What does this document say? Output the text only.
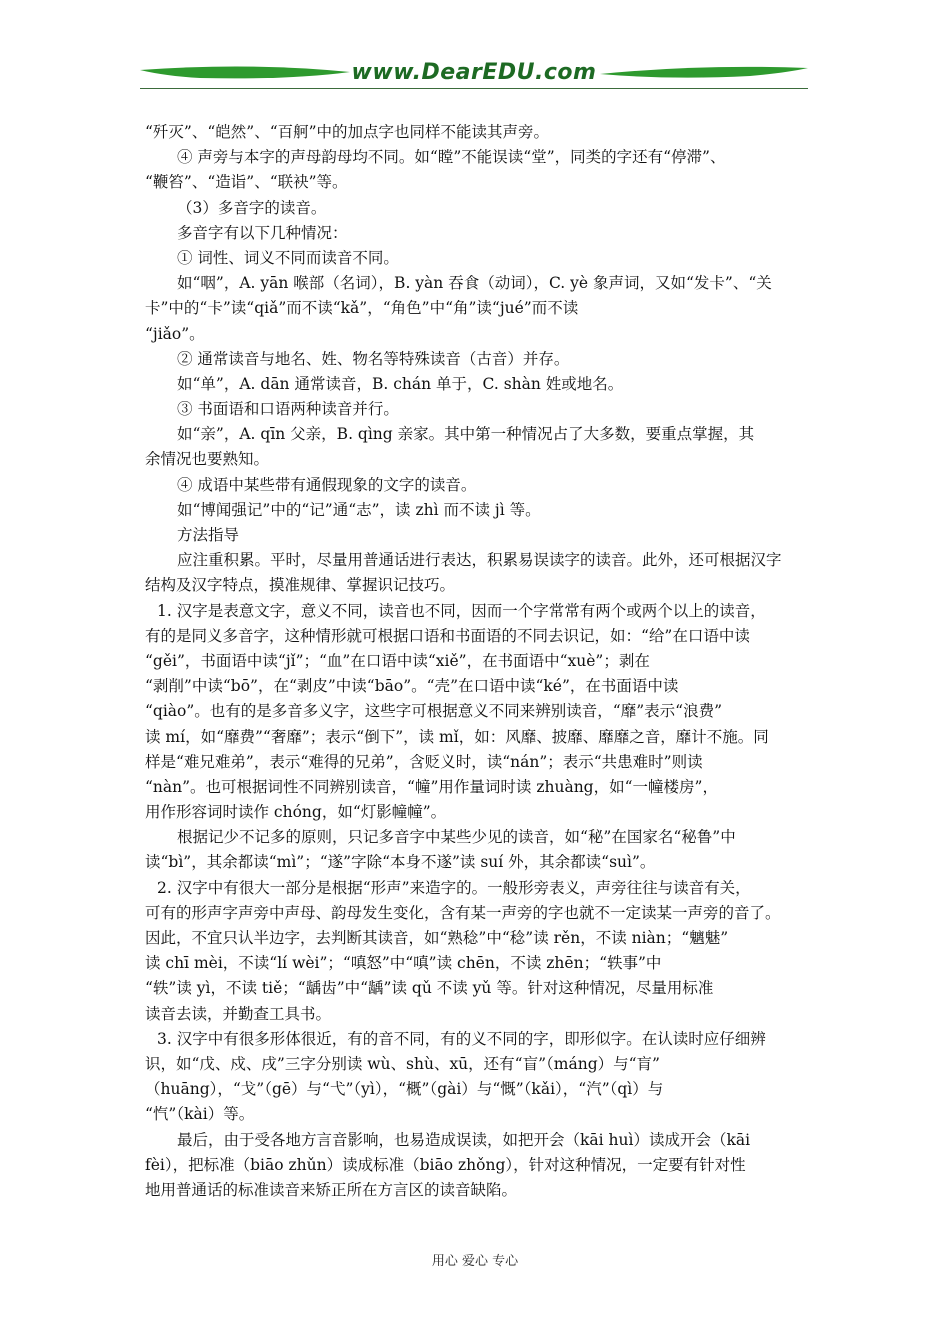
www.DearEDU.com
“歼灭”、“皑然”、“百舸”中的加点字也同样不能读其声旁。
④ 声旁与本字的声母韵母均不同。如“瞠”不能误读“堂”，同类的字还有“停滞”、
“鞭笞”、“造诣”、“联袂”等。
（3）多音字的读音。
多音字有以下几种情况：
① 词性、词义不同而读音不同。
如“咽”，A. yān 喉部（名词），B. yàn 吞食（动词），C. yè 象声词，又如“发卡”、“关
卡”中的“卡”读“qiǎ”而不读“kǎ”，“角色”中“角”读“jué”而不读
“jiǎo”。
② 通常读音与地名、姓、物名等特殊读音（古音）并存。
如“单”，A. dān 通常读音，B. chán 单于，C. shàn 姓或地名。
③ 书面语和口语两种读音并行。
如“亲”，A. qīn 父亲，B. qìng 亲家。其中第一种情况占了大多数，要重点掌握，其
余情况也要熟知。
④ 成语中某些带有通假现象的文字的读音。
如“博闻强记”中的“记”通“志”，读 zhì 而不读 jì 等。
方法指导
应注重积累。平时，尽量用普通话进行表达，积累易误读字的读音。此外，还可根据汉字
结构及汉字特点，摸准规律、掌握识记技巧。
1. 汉字是表意文字，意义不同，读音也不同，因而一个字常常有两个或两个以上的读音，
有的是同义多音字，这种情形就可根据口语和书面语的不同去识记，如：“给”在口语中读
“gěi”，书面语中读“jǐ”；“血”在口语中读“xiě”，在书面语中“xuè”；剥在
“剥削”中读“bō”，在“剥皮”中读“bāo”。“壳”在口语中读“ké”，在书面语中读
“qiào”。也有的是多音多义字，这些字可根据意义不同来辨别读音，“靡”表示“浪费”
读 mí，如“靡费”“奢靡”；表示“倒下”，读 mǐ，如：风靡、披靡、靡靡之音，靡计不施。同
样是“难兄难弟”，表示“难得的兄弟”，含贬义时，读“nán”；表示“共患难时”则读
“nàn”。也可根据词性不同辨别读音，“幢”用作量词时读 zhuàng，如“一幢楼房”，
用作形容词时读作 chóng，如“灯影幢幢”。
根据记少不记多的原则，只记多音字中某些少见的读音，如“秘”在国家名“秘鲁”中
读“bì”，其余都读“mì”；“遂”字除“本身不遂”读 suí 外，其余都读“suì”。
2. 汉字中有很大一部分是根据“形声”来造字的。一般形旁表义，声旁往往与读音有关，
可有的形声字声旁中声母、韵母发生变化，含有某一声旁的字也就不一定读某一声旁的音了。
因此，不宜只认半边字，去判断其读音，如“熟稔”中“稔”读 rěn，不读 niàn；“魑魅”
读 chī mèi，不读“lí wèi”；“嗔怒”中“嗔”读 chēn，不读 zhēn；“轶事”中
“轶”读 yì，不读 tiě；“龋齿”中“龋”读 qǔ 不读 yǔ 等。针对这种情况，尽量用标准
读音去读，并勤查工具书。
3. 汉字中有很多形体很近，有的音不同，有的义不同的字，即形似字。在认读时应仔细辨
识，如“戊、戍、戌”三字分别读 wù、shù、xū，还有“盲”（máng）与“肓”
（huāng），“戈”（gē）与“弋”（yì），“概”（gài）与“慨”（kǎi），“汽”（qì）与
“忾”（kài）等。
最后，由于受各地方言音影响，也易造成误读，如把开会（kāi huì）读成开会（kāi
fèi），把标准（biāo zhǔn）读成标准（biāo zhǒng），针对这种情况，一定要有针对性
地用普通话的标准读音来矫正所在方言区的读音缺陷。
用心 爱心 专心
